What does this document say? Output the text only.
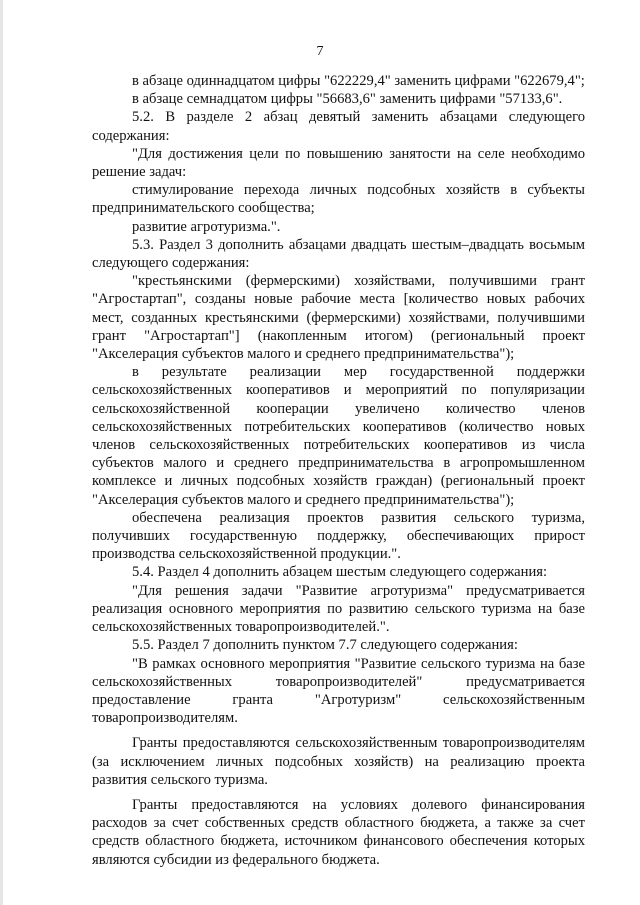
7

в абзаце одиннадцатом цифры "622229,4" заменить цифрами "622679,4";

в абзаце семнадцатом цифры "56683,6" заменить цифрами "57133,6".

5.2. В разделе 2 абзац девятый заменить абзацами следующего содержания:

"Для достижения цели по повышению занятости на селе необходимо решение задач:

стимулирование перехода личных подсобных хозяйств в субъекты предпринимательского сообщества;

развитие агротуризма.".

5.3. Раздел 3 дополнить абзацами двадцать шестым–двадцать восьмым следующего содержания:

"крестьянскими (фермерскими) хозяйствами, получившими грант "Агростартап", созданы новые рабочие места [количество новых рабочих мест, созданных крестьянскими (фермерскими) хозяйствами, получившими грант "Агростартап"] (накопленным итогом) (региональный проект "Акселерация субъектов малого и среднего предпринимательства");

в результате реализации мер государственной поддержки сельскохозяйственных кооперативов и мероприятий по популяризации сельскохозяйственной кооперации увеличено количество членов сельскохозяйственных потребительских кооперативов (количество новых членов сельскохозяйственных потребительских кооперативов из числа субъектов малого и среднего предпринимательства в агропромышленном комплексе и личных подсобных хозяйств граждан) (региональный проект "Акселерация субъектов малого и среднего предпринимательства");

обеспечена реализация проектов развития сельского туризма, получивших государственную поддержку, обеспечивающих прирост производства сельскохозяйственной продукции.".

5.4. Раздел 4 дополнить абзацем шестым следующего содержания:

"Для решения задачи "Развитие агротуризма" предусматривается реализация основного мероприятия по развитию сельского туризма на базе сельскохозяйственных товаропроизводителей.".

5.5. Раздел 7 дополнить пунктом 7.7 следующего содержания:

"В рамках основного мероприятия "Развитие сельского туризма на базе сельскохозяйственных товаропроизводителей" предусматривается предоставление гранта "Агротуризм" сельскохозяйственным товаропроизводителям.

Гранты предоставляются сельскохозяйственным товаропроизводителям (за исключением личных подсобных хозяйств) на реализацию проекта развития сельского туризма.

Гранты предоставляются на условиях долевого финансирования расходов за счет собственных средств областного бюджета, а также за счет средств областного бюджета, источником финансового обеспечения которых являются субсидии из федерального бюджета.
